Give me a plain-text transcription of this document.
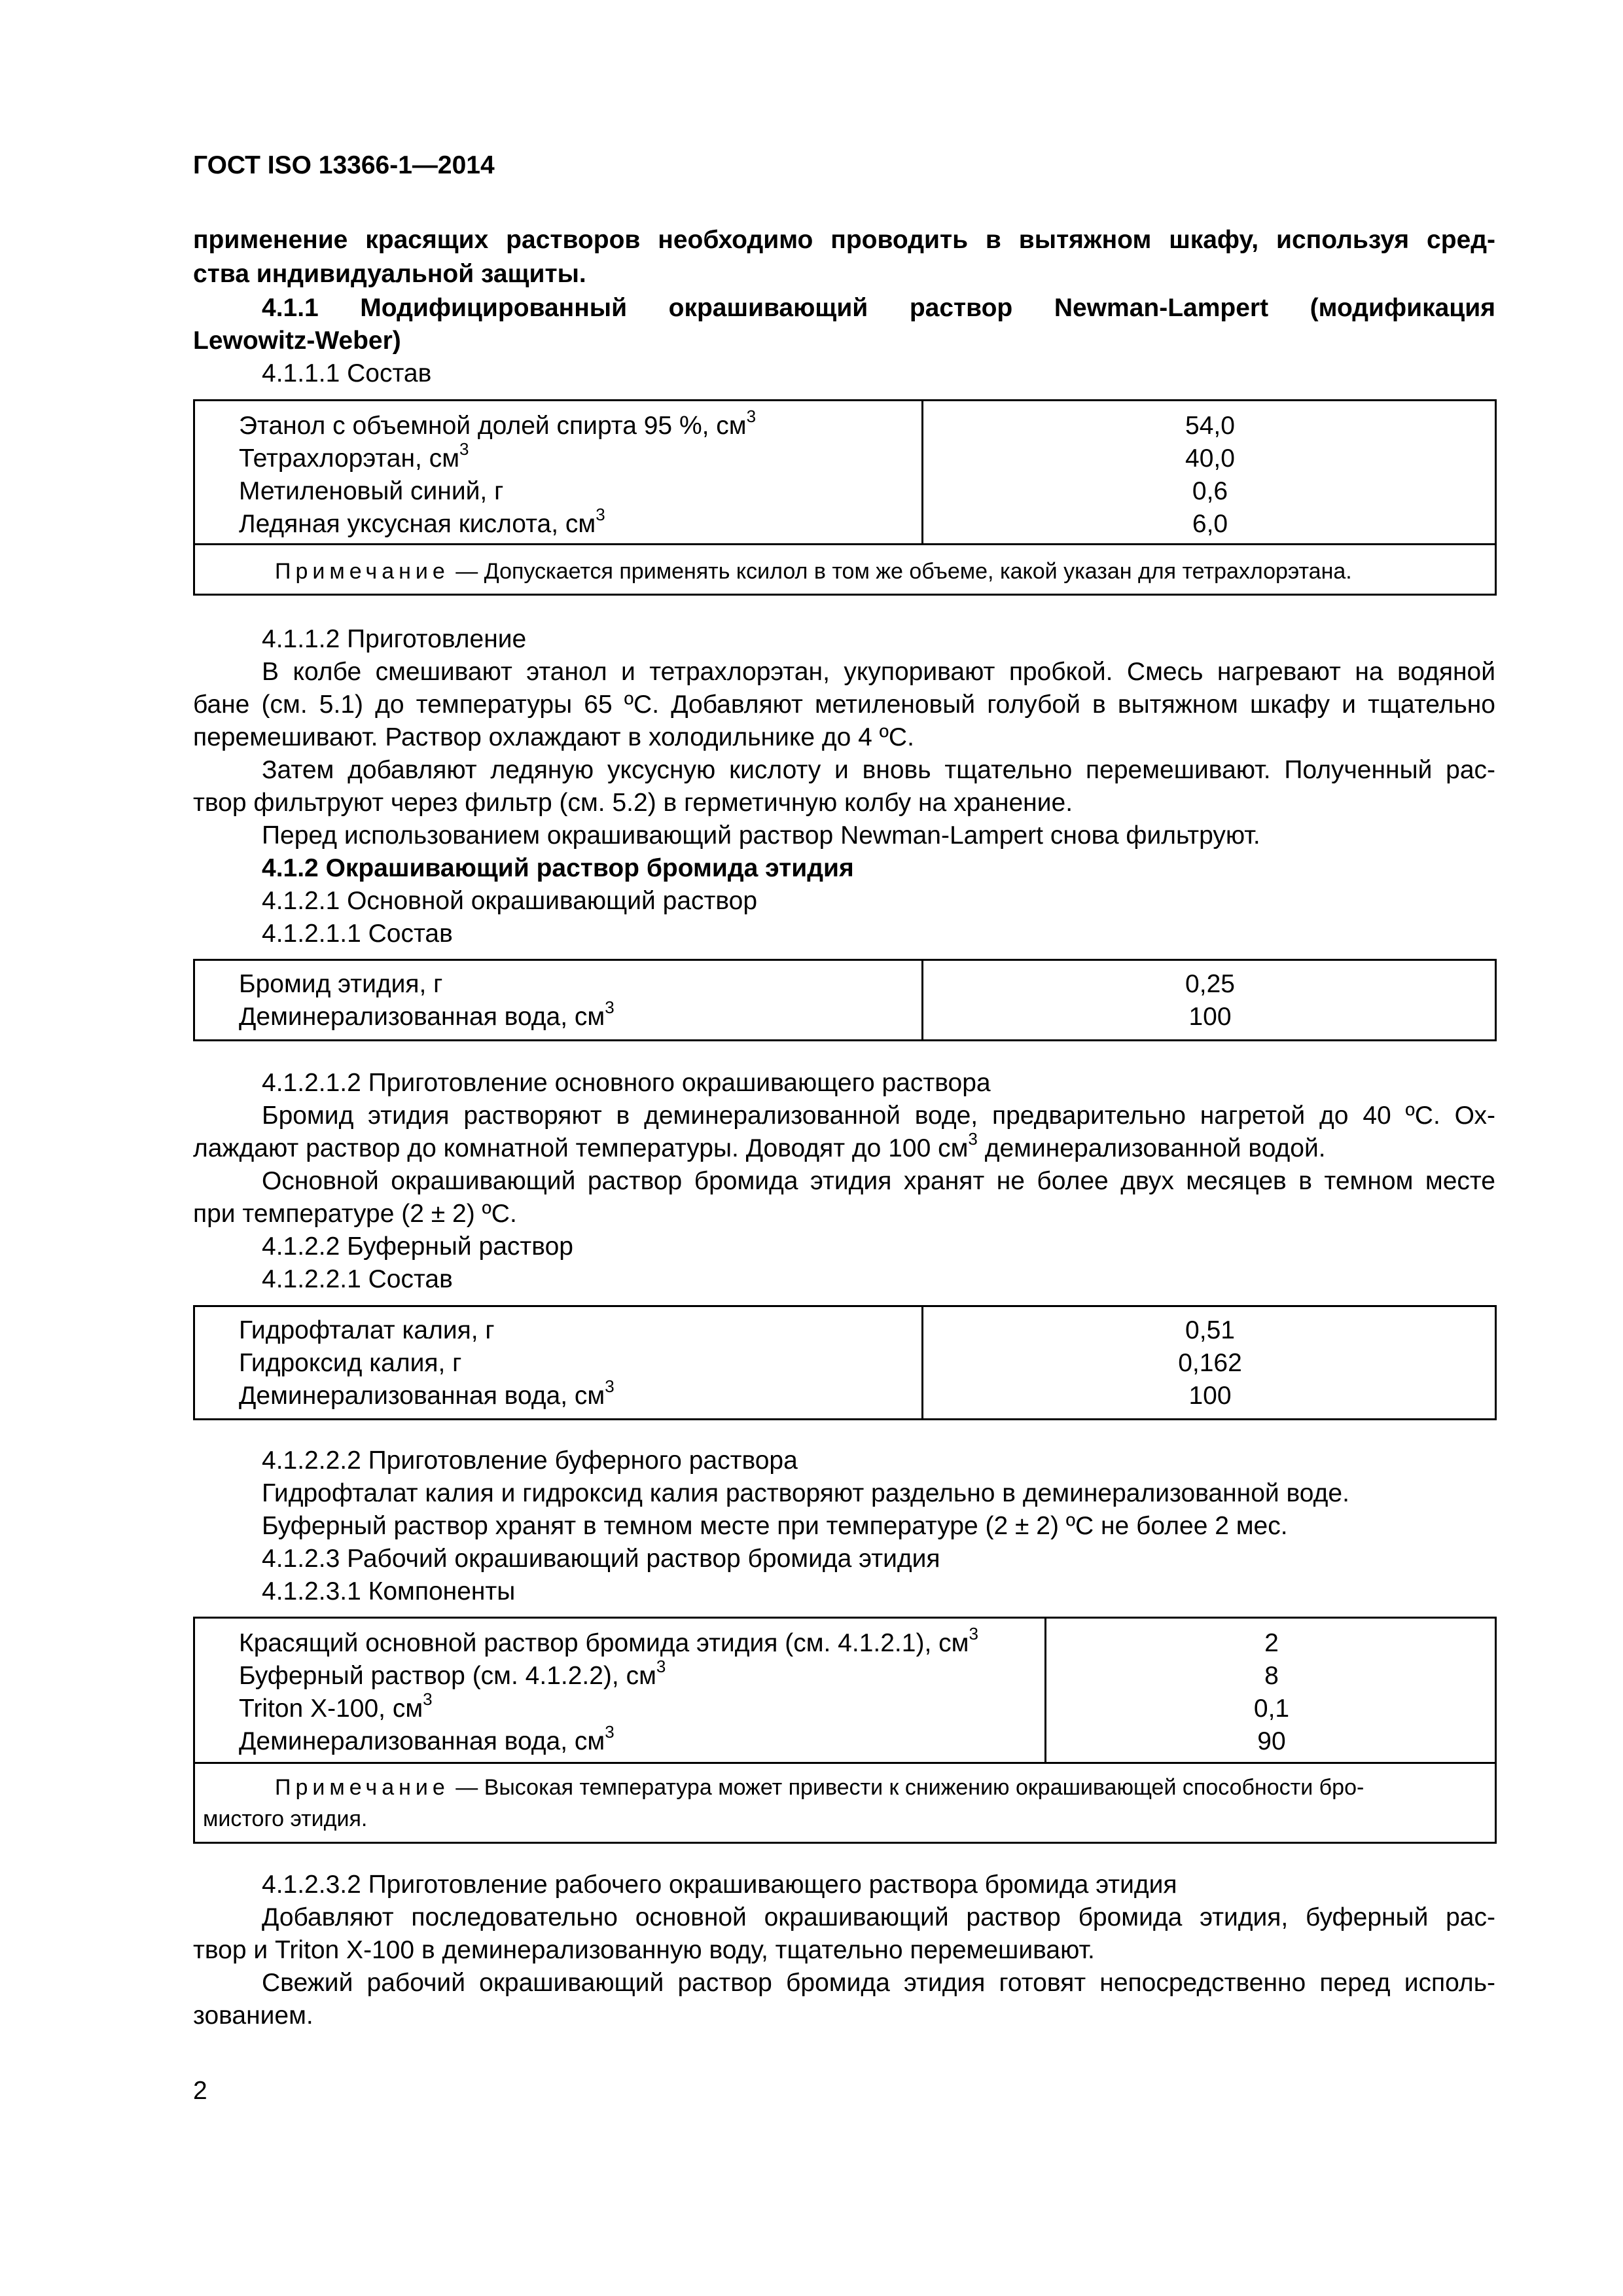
ГОСТ ISO 13366-1—2014
применение красящих растворов необходимо проводить в вытяжном шкафу, используя сред-
ства индивидуальной защиты.
4.1.1 Модифицированный окрашивающий раствор Newman-Lampert (модификация
Lewowitz-Weber)
4.1.1.1 Состав
Этанол с объемной долей спирта 95 %, $см^3$
Тетрахлорэтан, $см^3$
Метиленовый синий, г
Ледяная уксусная кислота, $см^3$
54,0
40,0
0,6
6,0
Примечание — Допускается применять ксилол в том же объеме, какой указан для тетрахлорэтана.
4.1.1.2 Приготовление
В колбе смешивают этанол и тетрахлорэтан, укупоривают пробкой. Смесь нагревают на водяной
бане (см. 5.1) до температуры 65 ºС. Добавляют метиленовый голубой в вытяжном шкафу и тщательно
перемешивают. Раствор охлаждают в холодильнике до 4 ºС.
Затем добавляют ледяную уксусную кислоту и вновь тщательно перемешивают. Полученный рас-
твор фильтруют через фильтр (см. 5.2) в герметичную колбу на хранение.
Перед использованием окрашивающий раствор Newman-Lampert снова фильтруют.
4.1.2 Окрашивающий раствор бромида этидия
4.1.2.1 Основной окрашивающий раствор
4.1.2.1.1 Состав
Бромид этидия, г
Деминерализованная вода, $см^3$
0,25
100
4.1.2.1.2 Приготовление основного окрашивающего раствора
Бромид этидия растворяют в деминерализованной воде, предварительно нагретой до 40 ºС. Ох-
лаждают раствор до комнатной температуры. Доводят до 100 $см^3$ деминерализованной водой.
Основной окрашивающий раствор бромида этидия хранят не более двух месяцев в темном месте
при температуре (2 ± 2) ºС.
4.1.2.2 Буферный раствор
4.1.2.2.1 Состав
Гидрофталат калия, г
Гидроксид калия, г
Деминерализованная вода, $см^3$
0,51
0,162
100
4.1.2.2.2 Приготовление буферного раствора
Гидрофталат калия и гидроксид калия растворяют раздельно в деминерализованной воде.
Буферный раствор хранят в темном месте при температуре (2 ± 2) ºС не более 2 мес.
4.1.2.3 Рабочий окрашивающий раствор бромида этидия
4.1.2.3.1 Компоненты
Красящий основной раствор бромида этидия (см. 4.1.2.1), $см^3$
Буферный раствор (см. 4.1.2.2), $см^3$
Triton X-100, $см^3$
Деминерализованная вода, $см^3$
2
8
0,1
90
Примечание — Высокая температура может привести к снижению окрашивающей способности бро-
мистого этидия.
4.1.2.3.2 Приготовление рабочего окрашивающего раствора бромида этидия
Добавляют последовательно основной окрашивающий раствор бромида этидия, буферный рас-
твор и Triton X-100 в деминерализованную воду, тщательно перемешивают.
Свежий рабочий окрашивающий раствор бромида этидия готовят непосредственно перед исполь-
зованием.
2
